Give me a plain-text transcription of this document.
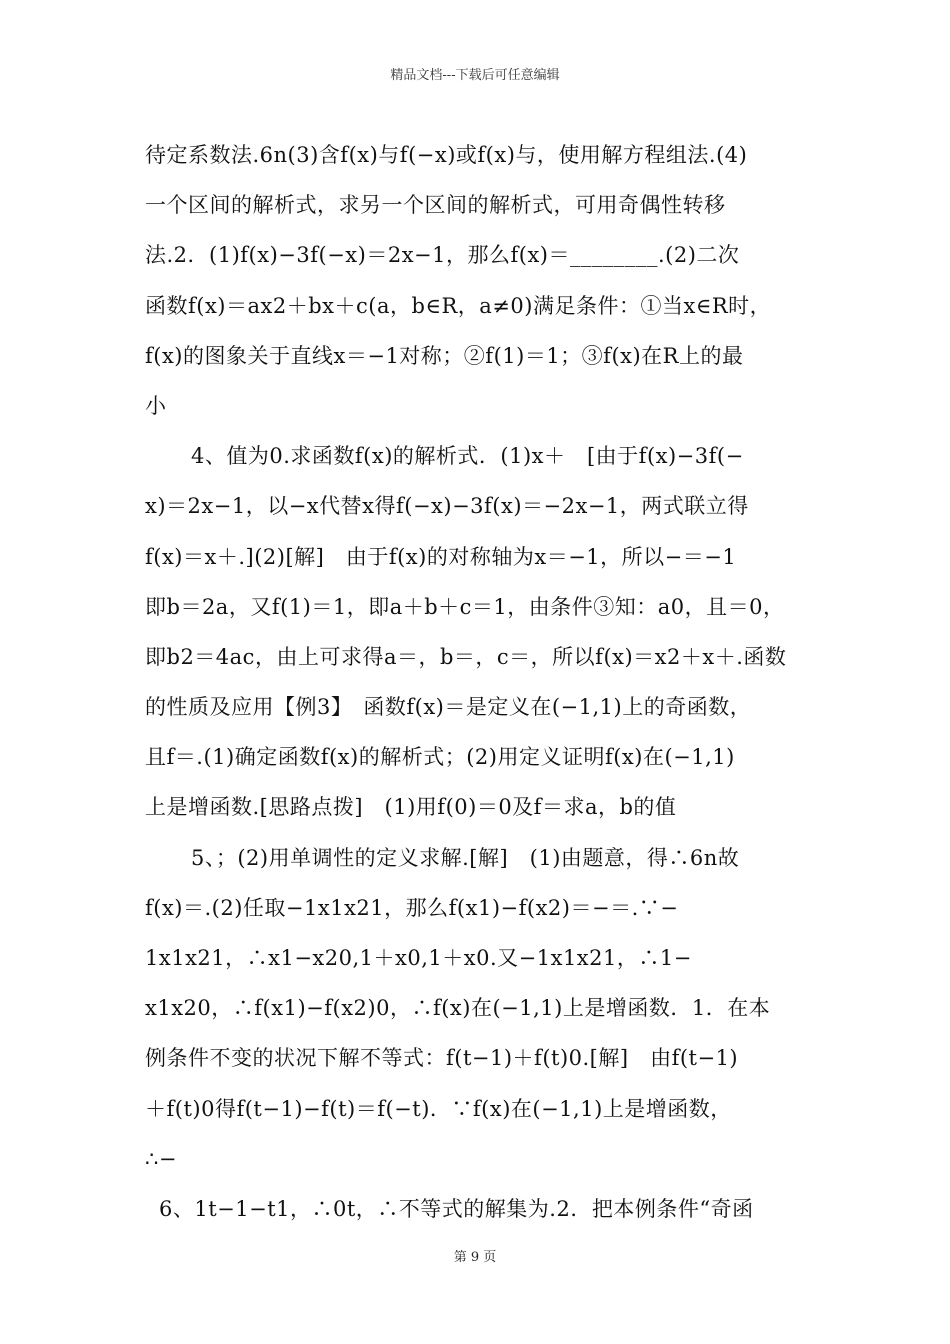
精品文档---下载后可任意编辑
待定系数法.6n(3)含f(x)与f(−x)或f(x)与，使用解方程组法.(4)
一个区间的解析式，求另一个区间的解析式，可用奇偶性转移
法.2．(1)f(x)−3f(−x)＝2x−1，那么f(x)＝________.(2)二次
函数f(x)＝ax2＋bx＋c(a，b∈R，a≠0)满足条件：①当x∈R时，
f(x)的图象关于直线x＝−1对称；②f(1)＝1；③f(x)在R上的最
小
4、值为0.求函数f(x)的解析式．(1)x＋　[由于f(x)−3f(−
x)＝2x−1，以−x代替x得f(−x)−3f(x)＝−2x−1，两式联立得
f(x)＝x＋.](2)[解]　由于f(x)的对称轴为x＝−1，所以−＝−1
即b＝2a，又f(1)＝1，即a＋b＋c＝1，由条件③知：a0，且＝0，
即b2＝4ac，由上可求得a＝，b＝，c＝，所以f(x)＝x2＋x＋.函数
的性质及应用【例3】　函数f(x)＝是定义在(−1,1)上的奇函数，
且f＝.(1)确定函数f(x)的解析式；(2)用定义证明f(x)在(−1,1)
上是增函数.[思路点拨]　(1)用f(0)＝0及f＝求a，b的值
5、；(2)用单调性的定义求解.[解]　(1)由题意，得∴6n故
f(x)＝.(2)任取−1x1x21，那么f(x1)−f(x2)＝−＝.∵−
1x1x21，∴x1−x20,1＋x0,1＋x0.又−1x1x21，∴1−
x1x20，∴f(x1)−f(x2)0，∴f(x)在(−1,1)上是增函数．1．在本
例条件不变的状况下解不等式：f(t−1)＋f(t)0.[解]　由f(t−1)
＋f(t)0得f(t−1)−f(t)＝f(−t)．∵f(x)在(−1,1)上是增函数，
∴−
6、1t−1−t1，∴0t，∴不等式的解集为.2．把本例条件“奇函
第 9 页
